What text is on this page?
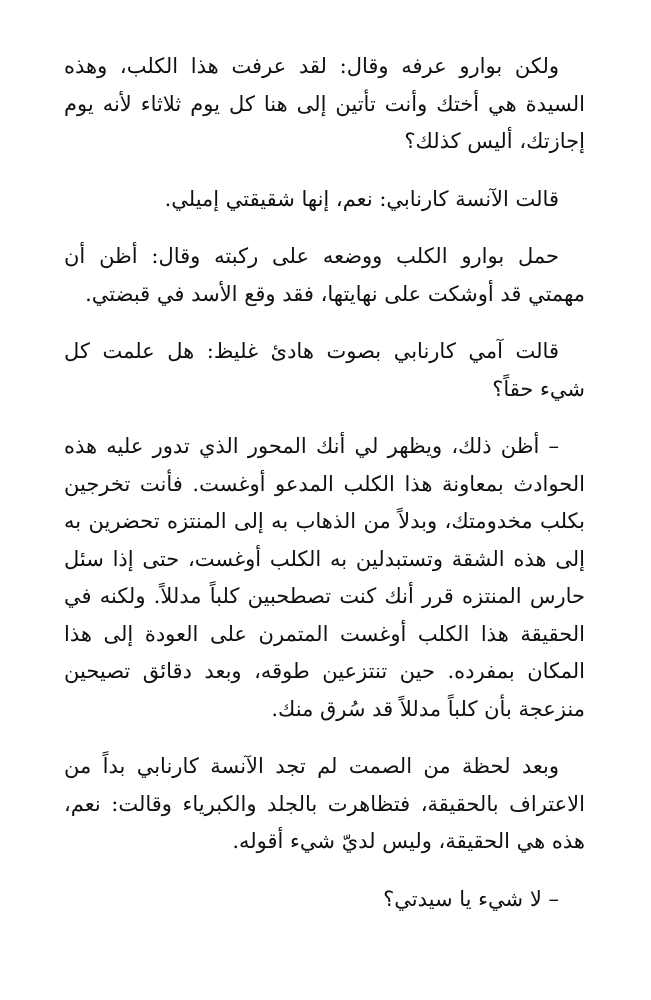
ولكن بوارو عرفه وقال: لقد عرفت هذا الكلب، وهذه السيدة هي أختك وأنت تأتين إلى هنا كل يوم ثلاثاء لأنه يوم إجازتك، أليس كذلك؟

قالت الآنسة كارنابي: نعم، إنها شقيقتي إميلي.

حمل بوارو الكلب ووضعه على ركبته وقال: أظن أن مهمتي قد أوشكت على نهايتها، فقد وقع الأسد في قبضتي.

قالت آمي كارنابي بصوت هادئ غليظ: هل علمت كل شيء حقاً؟

– أظن ذلك، ويظهر لي أنك المحور الذي تدور عليه هذه الحوادث بمعاونة هذا الكلب المدعو أوغست. فأنت تخرجين بكلب مخدومتك، وبدلاً من الذهاب به إلى المنتزه تحضرين به إلى هذه الشقة وتستبدلين به الكلب أوغست، حتى إذا سئل حارس المنتزه قرر أنك كنت تصطحبين كلباً مدللاً. ولكنه في الحقيقة هذا الكلب أوغست المتمرن على العودة إلى هذا المكان بمفرده. حين تنتزعين طوقه، وبعد دقائق تصيحين منزعجة بأن كلباً مدللاً قد سُرق منك.

وبعد لحظة من الصمت لم تجد الآنسة كارنابي بداً من الاعتراف بالحقيقة، فتظاهرت بالجلد والكبرياء وقالت: نعم، هذه هي الحقيقة، وليس لديّ شيء أقوله.

– لا شيء يا سيدتي؟
